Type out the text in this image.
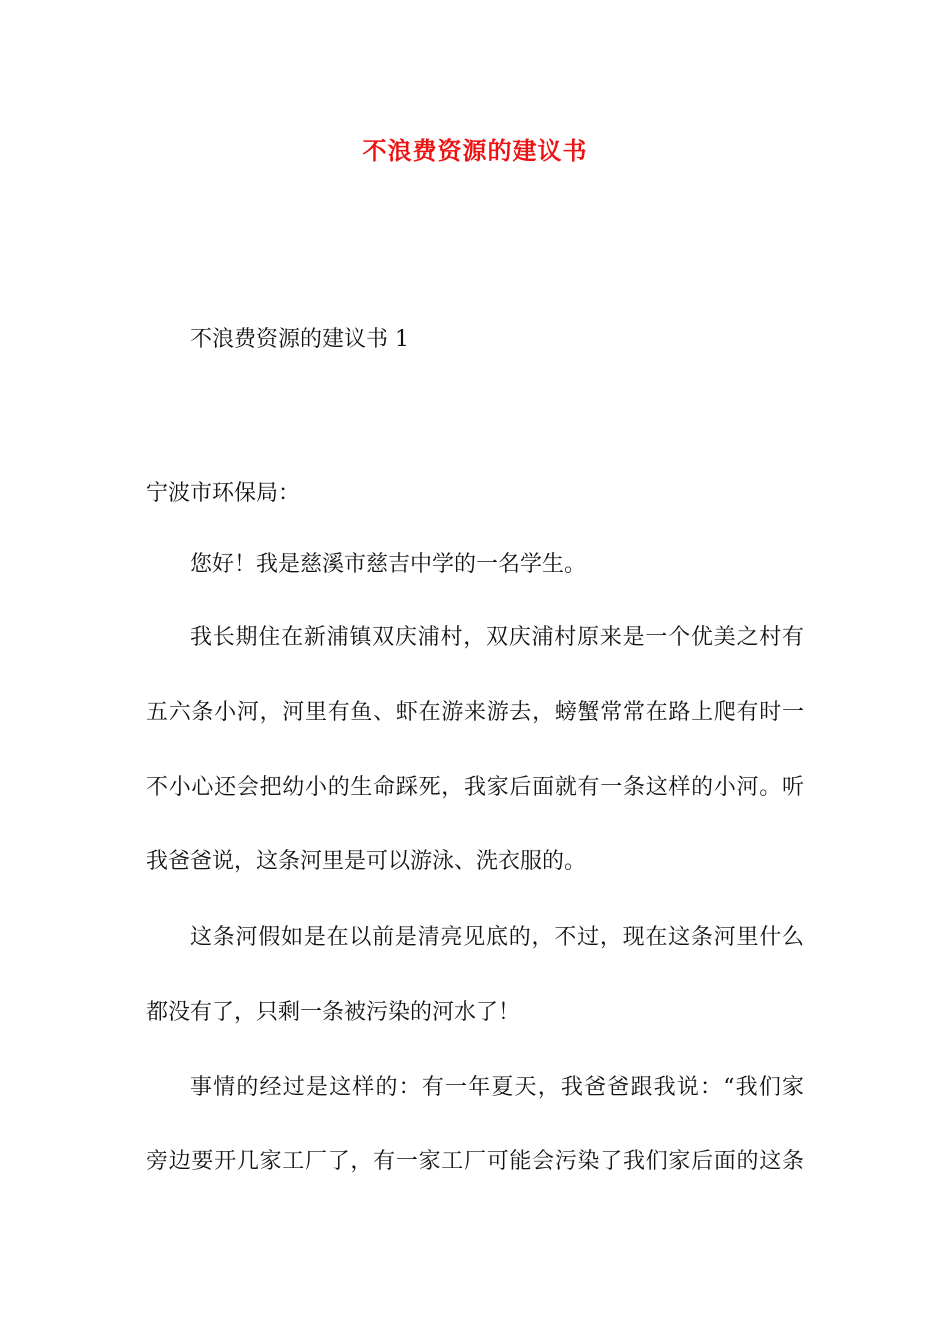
不浪费资源的建议书
不浪费资源的建议书 1
宁波市环保局：
您好！我是慈溪市慈吉中学的一名学生。
我长期住在新浦镇双庆浦村，双庆浦村原来是一个优美之村有
五六条小河，河里有鱼、虾在游来游去，螃蟹常常在路上爬有时一
不小心还会把幼小的生命踩死，我家后面就有一条这样的小河。听
我爸爸说，这条河里是可以游泳、洗衣服的。
这条河假如是在以前是清亮见底的，不过，现在这条河里什么
都没有了，只剩一条被污染的河水了！
事情的经过是这样的：有一年夏天，我爸爸跟我说：“我们家
旁边要开几家工厂了，有一家工厂可能会污染了我们家后面的这条
